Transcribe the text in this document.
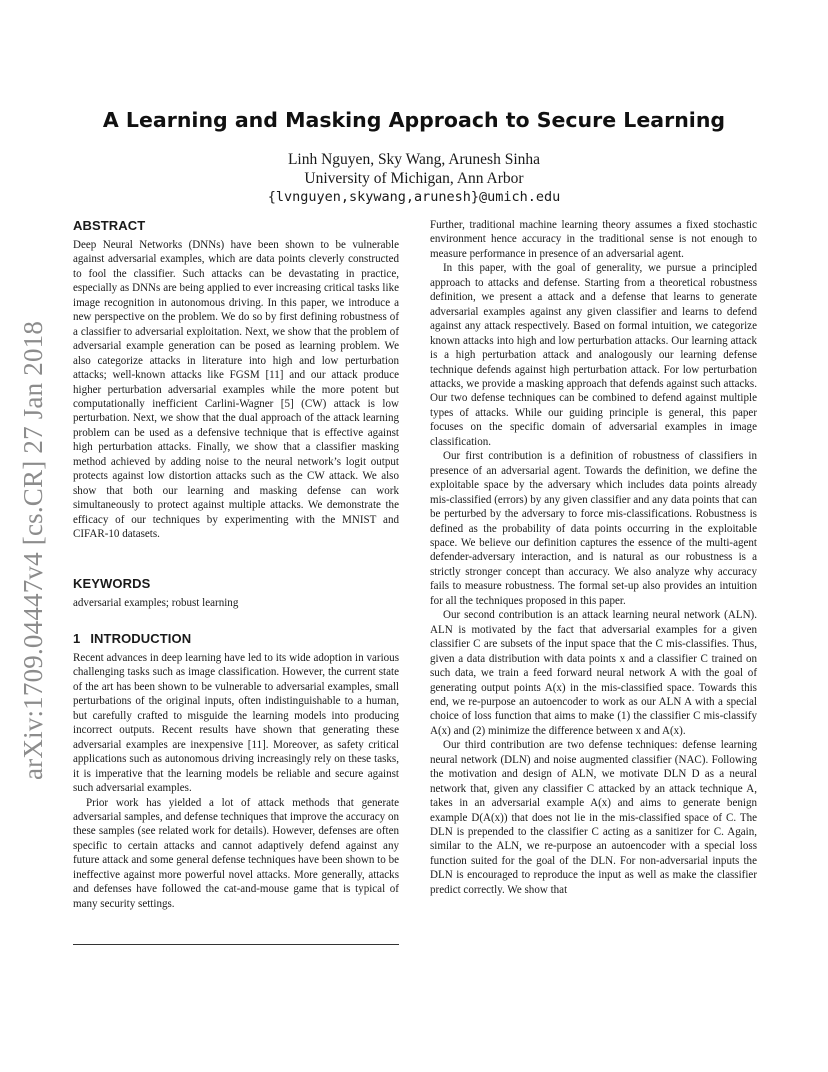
arXiv:1709.04447v4 [cs.CR] 27 Jan 2018
A Learning and Masking Approach to Secure Learning
Linh Nguyen, Sky Wang, Arunesh Sinha
University of Michigan, Ann Arbor
{lvnguyen,skywang,arunesh}@umich.edu
ABSTRACT

Deep Neural Networks (DNNs) have been shown to be vulnerable against adversarial examples, which are data points cleverly constructed to fool the classifier. Such attacks can be devastating in practice, especially as DNNs are being applied to ever increasing critical tasks like image recognition in autonomous driving. In this paper, we introduce a new perspective on the problem. We do so by first defining robustness of a classifier to adversarial exploitation. Next, we show that the problem of adversarial example generation can be posed as learning problem. We also categorize attacks in literature into high and low perturbation attacks; well-known attacks like FGSM [11] and our attack produce higher perturbation adversarial examples while the more potent but computationally inefficient Carlini-Wagner [5] (CW) attack is low perturbation. Next, we show that the dual approach of the attack learning problem can be used as a defensive technique that is effective against high perturbation attacks. Finally, we show that a classifier masking method achieved by adding noise to the neural network’s logit output protects against low distortion attacks such as the CW attack. We also show that both our learning and masking defense can work simultaneously to protect against multiple attacks. We demonstrate the efficacy of our techniques by experimenting with the MNIST and CIFAR-10 datasets.

KEYWORDS

adversarial examples; robust learning

1 INTRODUCTION

Recent advances in deep learning have led to its wide adoption in various challenging tasks such as image classification. However, the current state of the art has been shown to be vulnerable to adversarial examples, small perturbations of the original inputs, often indistinguishable to a human, but carefully crafted to misguide the learning models into producing incorrect outputs. Recent results have shown that generating these adversarial examples are inexpensive [11]. Moreover, as safety critical applications such as autonomous driving increasingly rely on these tasks, it is imperative that the learning models be reliable and secure against such adversarial examples.

Prior work has yielded a lot of attack methods that generate adversarial samples, and defense techniques that improve the accuracy on these samples (see related work for details). However, defenses are often specific to certain attacks and cannot adaptively defend against any future attack and some general defense techniques have been shown to be ineffective against more powerful novel attacks. More generally, attacks and defenses have followed the cat-and-mouse game that is typical of many security settings.

Further, traditional machine learning theory assumes a fixed stochastic environment hence accuracy in the traditional sense is not enough to measure performance in presence of an adversarial agent.

In this paper, with the goal of generality, we pursue a principled approach to attacks and defense. Starting from a theoretical robustness definition, we present a attack and a defense that learns to generate adversarial examples against any given classifier and learns to defend against any attack respectively. Based on formal intuition, we categorize known attacks into high and low perturbation attacks. Our learning attack is a high perturbation attack and analogously our learning defense technique defends against high perturbation attack. For low perturbation attacks, we provide a masking approach that defends against such attacks. Our two defense techniques can be combined to defend against multiple types of attacks. While our guiding principle is general, this paper focuses on the specific domain of adversarial examples in image classification.

Our first contribution is a definition of robustness of classifiers in presence of an adversarial agent. Towards the definition, we define the exploitable space by the adversary which includes data points already mis-classified (errors) by any given classifier and any data points that can be perturbed by the adversary to force mis-classifications. Robustness is defined as the probability of data points occurring in the exploitable space. We believe our definition captures the essence of the multi-agent defender-adversary interaction, and is natural as our robustness is a strictly stronger concept than accuracy. We also analyze why accuracy fails to measure robustness. The formal set-up also provides an intuition for all the techniques proposed in this paper.

Our second contribution is an attack learning neural network (ALN). ALN is motivated by the fact that adversarial examples for a given classifier C are subsets of the input space that the C mis-classifies. Thus, given a data distribution with data points x and a classifier C trained on such data, we train a feed forward neural network A with the goal of generating output points A(x) in the mis-classified space. Towards this end, we re-purpose an autoencoder to work as our ALN A with a special choice of loss function that aims to make (1) the classifier C mis-classify A(x) and (2) minimize the difference between x and A(x).

Our third contribution are two defense techniques: defense learning neural network (DLN) and noise augmented classifier (NAC). Following the motivation and design of ALN, we motivate DLN D as a neural network that, given any classifier C attacked by an attack technique A, takes in an adversarial example A(x) and aims to generate benign example D(A(x)) that does not lie in the mis-classified space of C. The DLN is prepended to the classifier C acting as a sanitizer for C. Again, similar to the ALN, we re-purpose an autoencoder with a special loss function suited for the goal of the DLN. For non-adversarial inputs the DLN is encouraged to reproduce the input as well as make the classifier predict correctly. We show that
